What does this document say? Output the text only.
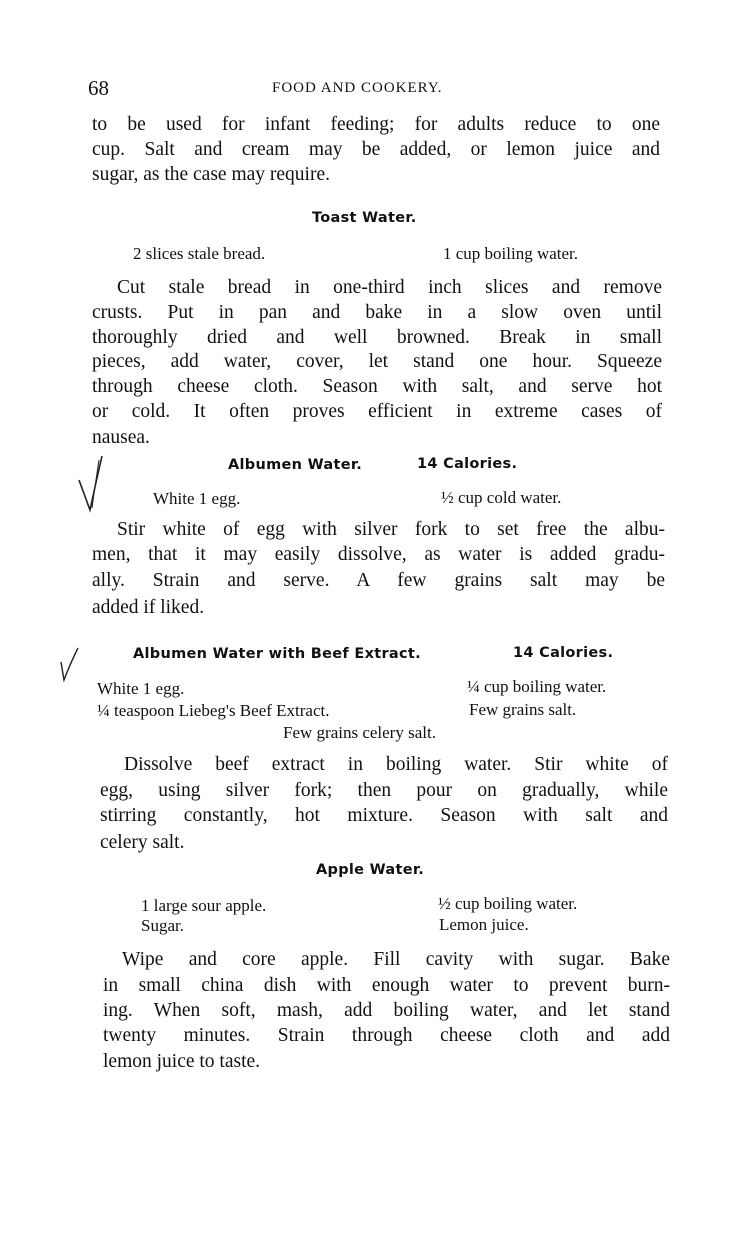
68	FOOD AND COOKERY.
to be used for infant feeding; for adults reduce to one
cup. Salt and cream may be added, or lemon juice and
sugar, as the case may require.
Toast Water.
2 slices stale bread.	1 cup boiling water.
Cut stale bread in one-third inch slices and remove
crusts. Put in pan and bake in a slow oven until
thoroughly dried and well browned. Break in small
pieces, add water, cover, let stand one hour. Squeeze
through cheese cloth. Season with salt, and serve hot
or cold. It often proves efficient in extreme cases of
nausea.
Albumen Water.	14 Calories.
White 1 egg.	½ cup cold water.
Stir white of egg with silver fork to set free the albu-
men, that it may easily dissolve, as water is added gradu-
ally. Strain and serve. A few grains salt may be
added if liked.
Albumen Water with Beef Extract.	14 Calories.
White 1 egg.	¼ cup boiling water.
¼ teaspoon Liebeg's Beef Extract.	Few grains salt.
Few grains celery salt.
Dissolve beef extract in boiling water. Stir white of
egg, using silver fork; then pour on gradually, while
stirring constantly, hot mixture. Season with salt and
celery salt.
Apple Water.
1 large sour apple.	½ cup boiling water.
Sugar.	Lemon juice.
Wipe and core apple. Fill cavity with sugar. Bake
in small china dish with enough water to prevent burn-
ing. When soft, mash, add boiling water, and let stand
twenty minutes. Strain through cheese cloth and add
lemon juice to taste.
